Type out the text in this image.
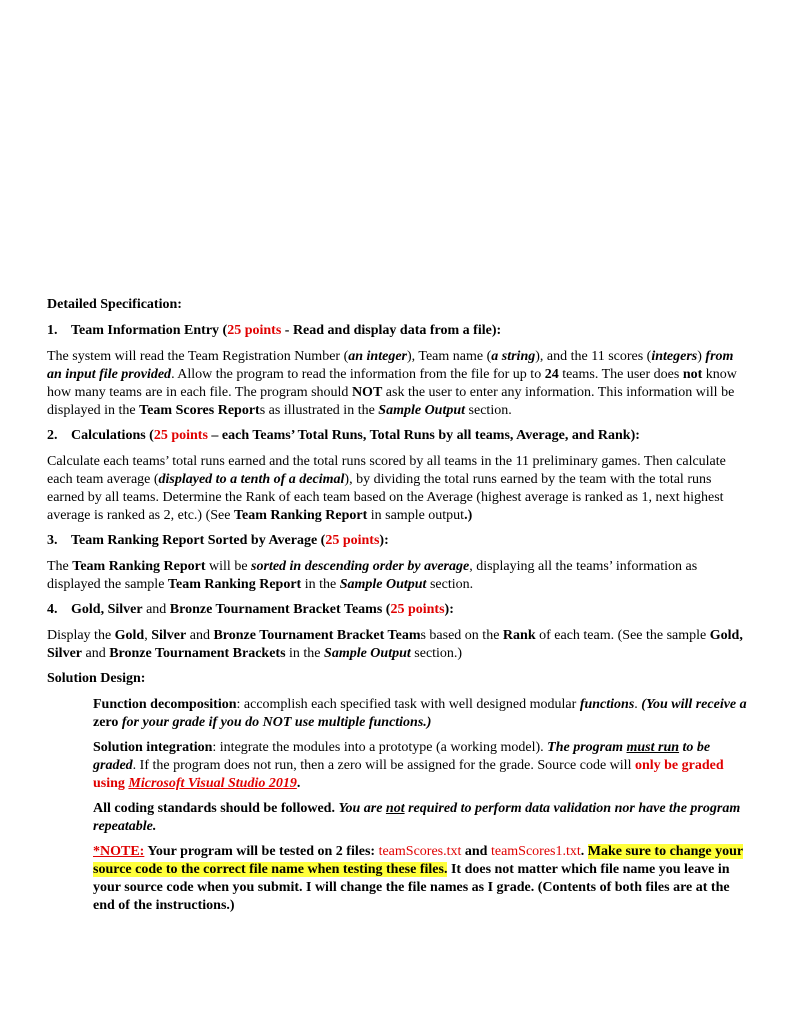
Detailed Specification:

1. Team Information Entry (25 points - Read and display data from a file):

The system will read the Team Registration Number (an integer), Team name (a string), and the 11 scores (integers) from an input file provided. Allow the program to read the information from the file for up to 24 teams. The user does not know how many teams are in each file. The program should NOT ask the user to enter any information. This information will be displayed in the Team Scores Reports as illustrated in the Sample Output section.

2. Calculations (25 points – each Teams’ Total Runs, Total Runs by all teams, Average, and Rank):

Calculate each teams’ total runs earned and the total runs scored by all teams in the 11 preliminary games. Then calculate each team average (displayed to a tenth of a decimal), by dividing the total runs earned by the team with the total runs earned by all teams. Determine the Rank of each team based on the Average (highest average is ranked as 1, next highest average is ranked as 2, etc.) (See Team Ranking Report in sample output.)

3. Team Ranking Report Sorted by Average (25 points):

The Team Ranking Report will be sorted in descending order by average, displaying all the teams’ information as displayed the sample Team Ranking Report in the Sample Output section.

4. Gold, Silver and Bronze Tournament Bracket Teams (25 points):

Display the Gold, Silver and Bronze Tournament Bracket Teams based on the Rank of each team. (See the sample Gold, Silver and Bronze Tournament Brackets in the Sample Output section.)

Solution Design:

Function decomposition: accomplish each specified task with well designed modular functions. (You will receive a zero for your grade if you do NOT use multiple functions.)

Solution integration: integrate the modules into a prototype (a working model). The program must run to be graded. If the program does not run, then a zero will be assigned for the grade. Source code will only be graded using Microsoft Visual Studio 2019.

All coding standards should be followed. You are not required to perform data validation nor have the program repeatable.

*NOTE: Your program will be tested on 2 files: teamScores.txt and teamScores1.txt. Make sure to change your source code to the correct file name when testing these files. It does not matter which file name you leave in your source code when you submit. I will change the file names as I grade. (Contents of both files are at the end of the instructions.)
